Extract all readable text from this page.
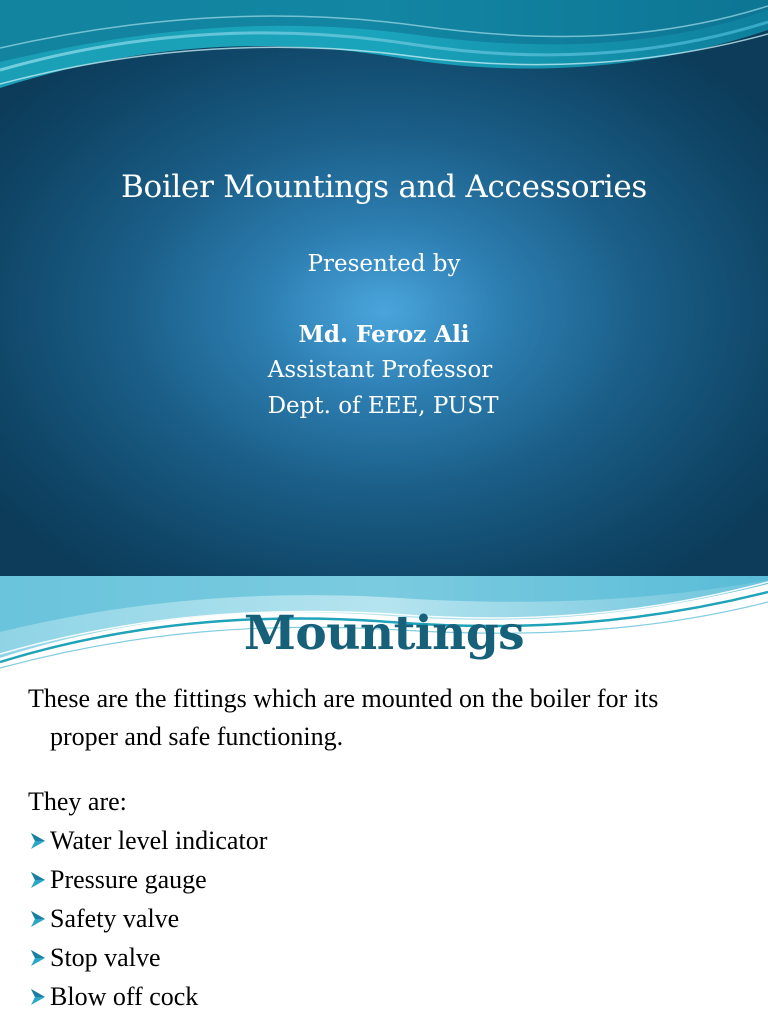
Boiler Mountings and Accessories
Presented by
Md. Feroz Ali
Assistant Professor
Dept. of EEE, PUST
Mountings
These are the fittings which are mounted on the boiler for its
proper and safe functioning.
They are:
Water level indicator
Pressure gauge
Safety valve
Stop valve
Blow off cock
